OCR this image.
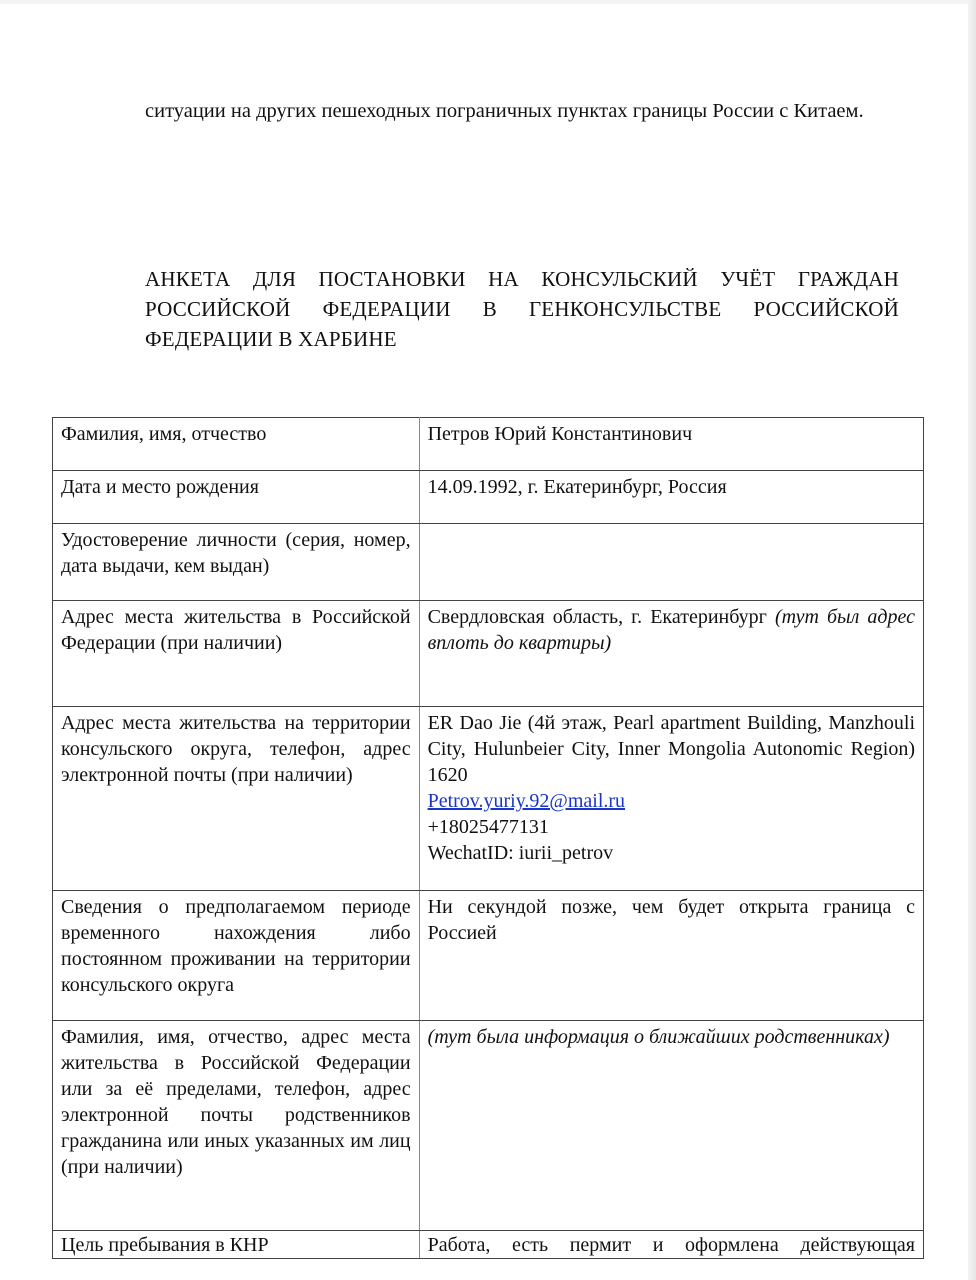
ситуации на других пешеходных пограничных пунктах границы России с Китаем.

АНКЕТА ДЛЯ ПОСТАНОВКИ НА КОНСУЛЬСКИЙ УЧЁТ ГРАЖДАН РОССИЙСКОЙ ФЕДЕРАЦИИ В ГЕНКОНСУЛЬСТВЕ РОССИЙСКОЙ ФЕДЕРАЦИИ В ХАРБИНЕ
Фамилия, имя, отчество	Петров Юрий Константинович
Дата и место рождения	14.09.1992, г. Екатеринбург, Россия
Удостоверение личности (серия, номер, дата выдачи, кем выдан)	
Адрес места жительства в Российской Федерации (при наличии)	Свердловская область, г. Екатеринбург (тут был адрес вплоть до квартиры)
Адрес места жительства на территории консульского округа, телефон, адрес электронной почты (при наличии)	ER Dao Jie (4й этаж, Pearl apartment Building, Manzhouli City, Hulunbeier City, Inner Mongolia Autonomic Region) 1620
Petrov.yuriy.92@mail.ru
+18025477131
WechatID: iurii_petrov

Сведения о предполагаемом периоде временного нахождения либо постоянном проживании на территории консульского округа	Ни секундой позже, чем будет открыта граница с Россией
Фамилия, имя, отчество, адрес места жительства в Российской Федерации или за её пределами, телефон, адрес электронной почты родственников гражданина или иных указанных им лиц (при наличии)	(тут была информация о ближайших родственниках)
Цель пребывания в КНР	Работа, есть пермит и оформлена действующая
